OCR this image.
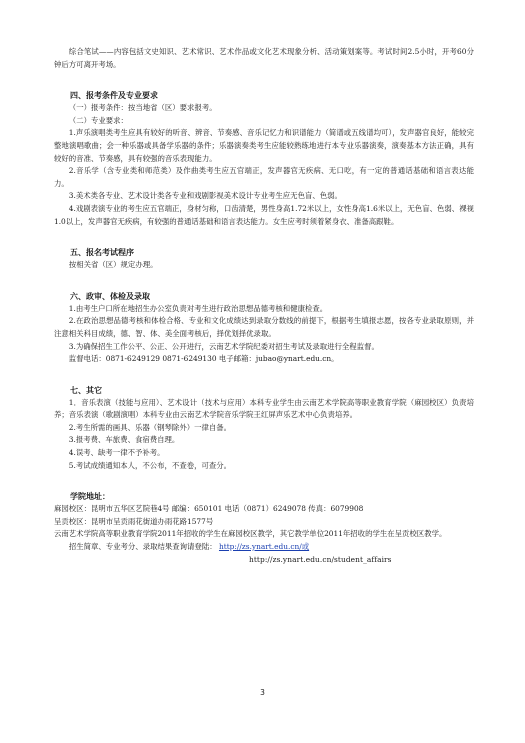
综合笔试——内容包括文史知识、艺术常识、艺术作品或文化艺术现象分析、活动策划案等。考试时间2.5小时，开考60分钟后方可离开考场。

四、报考条件及专业要求

（一）报考条件：按当地省（区）要求报考。

（二）专业要求：

1.声乐演唱类考生应具有较好的听音、辨音、节奏感、音乐记忆力和识谱能力（简谱或五线谱均可），发声器官良好，能较完整地演唱歌曲；会一种乐器或具备学乐器的条件；乐器演奏类考生应能较熟练地进行本专业乐器演奏，演奏基本方法正确，具有较好的音准、节奏感，具有较强的音乐表现能力。

2.音乐学（含专业类和师范类）及作曲类考生应五官端正，发声器官无疾病、无口吃，有一定的普通话基础和语言表达能力。

3.美术类各专业、艺术设计类各专业和戏剧影视美术设计专业考生应无色盲、色弱。

4.戏剧表演专业的考生应五官端正，身材匀称，口齿清楚，男性身高1.72米以上，女性身高1.6米以上，无色盲、色弱、裸视1.0以上，发声器官无疾病，有较强的普通话基础和语言表达能力。女生应考时须着紧身衣、准备高跟鞋。

五、报名考试程序

按相关省（区）规定办理。

六、政审、体检及录取

1.由考生户口所在地招生办公室负责对考生进行政治思想品德考核和健康检查。

2.在政治思想品德考核和体检合格、专业和文化成绩达到录取分数线的前提下，根据考生填报志愿，按各专业录取原则，并注意相关科目成绩，德、智、体、美全面考核后，择优划择优录取。

3.为确保招生工作公平、公正、公开进行，云南艺术学院纪委对招生考试及录取进行全程监督。

监督电话：0871-6249129 0871-6249130 电子邮箱：jubao@ynart.edu.cn。

七、其它

1．音乐表演（技能与应用）、艺术设计（技术与应用）本科专业学生由云南艺术学院高等职业教育学院（麻园校区）负责培养；音乐表演（歌剧演唱）本科专业由云南艺术学院音乐学院王红屏声乐艺术中心负责培养。

2.考生所需的画具、乐器（钢琴除外）一律自备。

3.报考费、车旅费、食宿费自理。

4.误考、缺考一律不予补考。

5.考试成绩通知本人，不公布，不查卷，可查分。

学院地址：

麻园校区：昆明市五华区艺院巷4号 邮编：650101 电话（0871）6249078 传真：6079908

呈贡校区：昆明市呈贡雨花街道办雨花路1577号

云南艺术学院高等职业教育学院2011年招收的学生在麻园校区教学，其它教学单位2011年招收的学生在呈贡校区教学。

招生简章、专业考分、录取结果查询请登陆： http://zs.ynart.edu.cn/或

http://zs.ynart.edu.cn/student_affairs

3
